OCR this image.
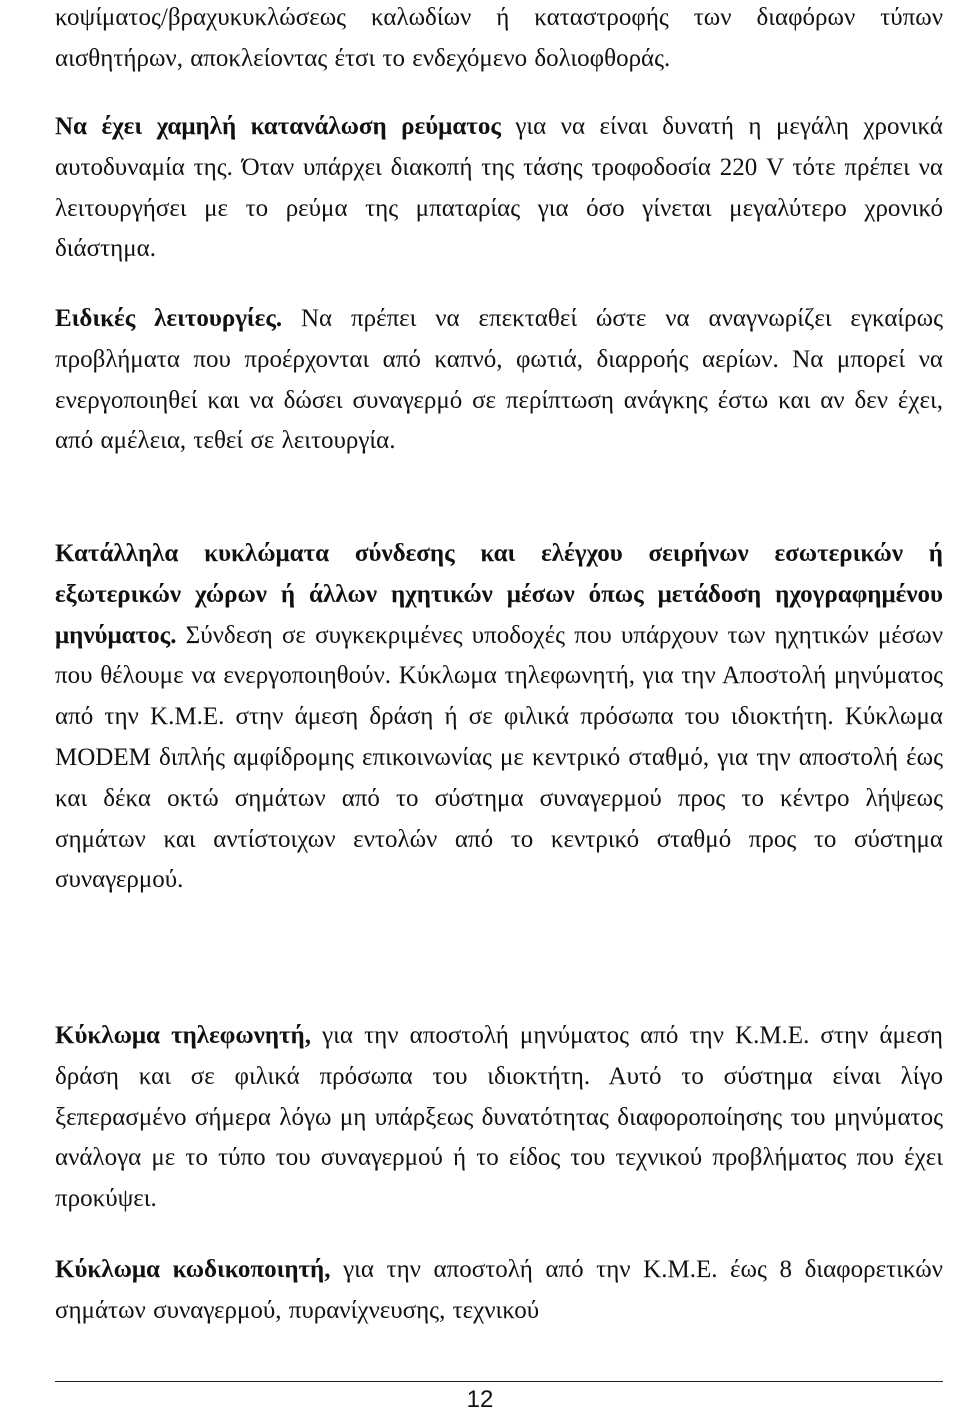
κοψίματος/βραχυκυκλώσεως καλωδίων ή καταστροφής των διαφόρων τύπων αισθητήρων, αποκλείοντας έτσι το ενδεχόμενο δολιοφθοράς.

Να έχει χαμηλή κατανάλωση ρεύματος για να είναι δυνατή η μεγάλη χρονικά αυτοδυναμία της. Όταν υπάρχει διακοπή της τάσης τροφοδοσία 220 V τότε πρέπει να λειτουργήσει με το ρεύμα της μπαταρίας για όσο γίνεται μεγαλύτερο χρονικό διάστημα.

Ειδικές λειτουργίες. Να πρέπει να επεκταθεί ώστε να αναγνωρίζει εγκαίρως προβλήματα που προέρχονται από καπνό, φωτιά, διαρροής αερίων. Να μπορεί να ενεργοποιηθεί και να δώσει συναγερμό σε περίπτωση ανάγκης έστω και αν δεν έχει, από αμέλεια, τεθεί σε λειτουργία.

Κατάλληλα κυκλώματα σύνδεσης και ελέγχου σειρήνων εσωτερικών ή εξωτερικών χώρων ή άλλων ηχητικών μέσων όπως μετάδοση ηχογραφημένου μηνύματος. Σύνδεση σε συγκεκριμένες υποδοχές που υπάρχουν των ηχητικών μέσων που θέλουμε να ενεργοποιηθούν. Κύκλωμα τηλεφωνητή, για την Αποστολή μηνύματος από την Κ.Μ.Ε. στην άμεση δράση ή σε φιλικά πρόσωπα του ιδιοκτήτη. Κύκλωμα MODEM διπλής αμφίδρομης επικοινωνίας με κεντρικό σταθμό, για την αποστολή έως και δέκα οκτώ σημάτων από το σύστημα συναγερμού προς το κέντρο λήψεως σημάτων και αντίστοιχων εντολών από το κεντρικό σταθμό προς το σύστημα συναγερμού.

Κύκλωμα τηλεφωνητή, για την αποστολή μηνύματος από την Κ.Μ.Ε. στην άμεση δράση και σε φιλικά πρόσωπα του ιδιοκτήτη. Αυτό το σύστημα είναι λίγο ξεπερασμένο σήμερα λόγω μη υπάρξεως δυνατότητας διαφοροποίησης του μηνύματος ανάλογα με το τύπο του συναγερμού ή το είδος του τεχνικού προβλήματος που έχει προκύψει.

Κύκλωμα κωδικοποιητή, για την αποστολή από την Κ.Μ.Ε. έως 8 διαφορετικών σημάτων συναγερμού, πυρανίχνευσης, τεχνικού

12
